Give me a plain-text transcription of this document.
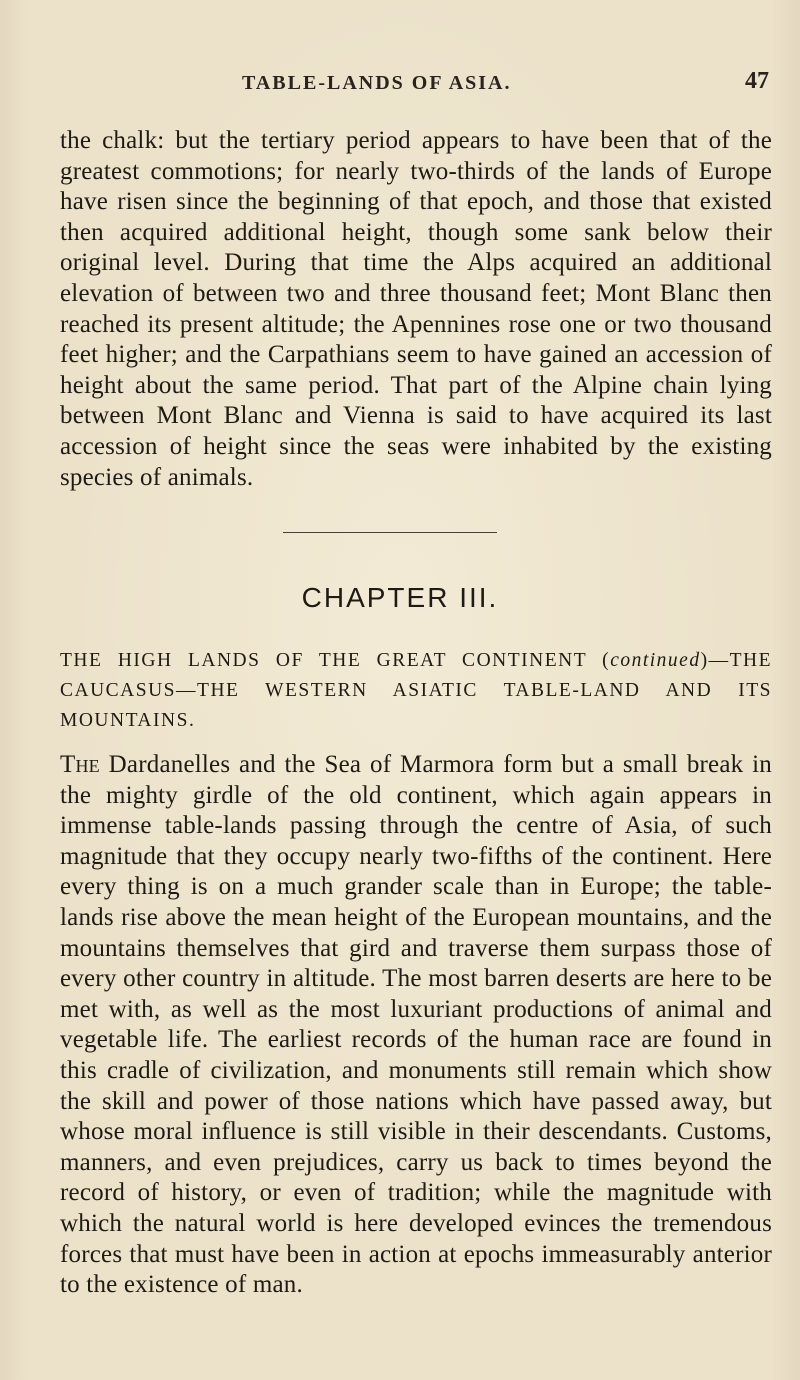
TABLE-LANDS OF ASIA.	47

the chalk: but the tertiary period appears to have been that of the greatest commotions; for nearly two-thirds of the lands of Europe have risen since the beginning of that epoch, and those that existed then acquired additional height, though some sank below their original level. During that time the Alps acquired an additional elevation of between two and three thousand feet; Mont Blanc then reached its present altitude; the Apennines rose one or two thousand feet higher; and the Carpathians seem to have gained an accession of height about the same period. That part of the Alpine chain lying between Mont Blanc and Vienna is said to have acquired its last accession of height since the seas were inhabited by the existing species of animals.

CHAPTER III.

THE HIGH LANDS OF THE GREAT CONTINENT (continued)—THE CAUCASUS—THE WESTERN ASIATIC TABLE-LAND AND ITS MOUNTAINS.

The Dardanelles and the Sea of Marmora form but a small break in the mighty girdle of the old continent, which again appears in immense table-lands passing through the centre of Asia, of such magnitude that they occupy nearly two-fifths of the continent. Here every thing is on a much grander scale than in Europe; the table-lands rise above the mean height of the European mountains, and the mountains themselves that gird and traverse them surpass those of every other country in altitude. The most barren deserts are here to be met with, as well as the most luxuriant productions of animal and vegetable life. The earliest records of the human race are found in this cradle of civilization, and monuments still remain which show the skill and power of those nations which have passed away, but whose moral influence is still visible in their descendants. Customs, manners, and even prejudices, carry us back to times beyond the record of history, or even of tradition; while the magnitude with which the natural world is here developed evinces the tremendous forces that must have been in action at epochs immeasurably anterior to the existence of man.
